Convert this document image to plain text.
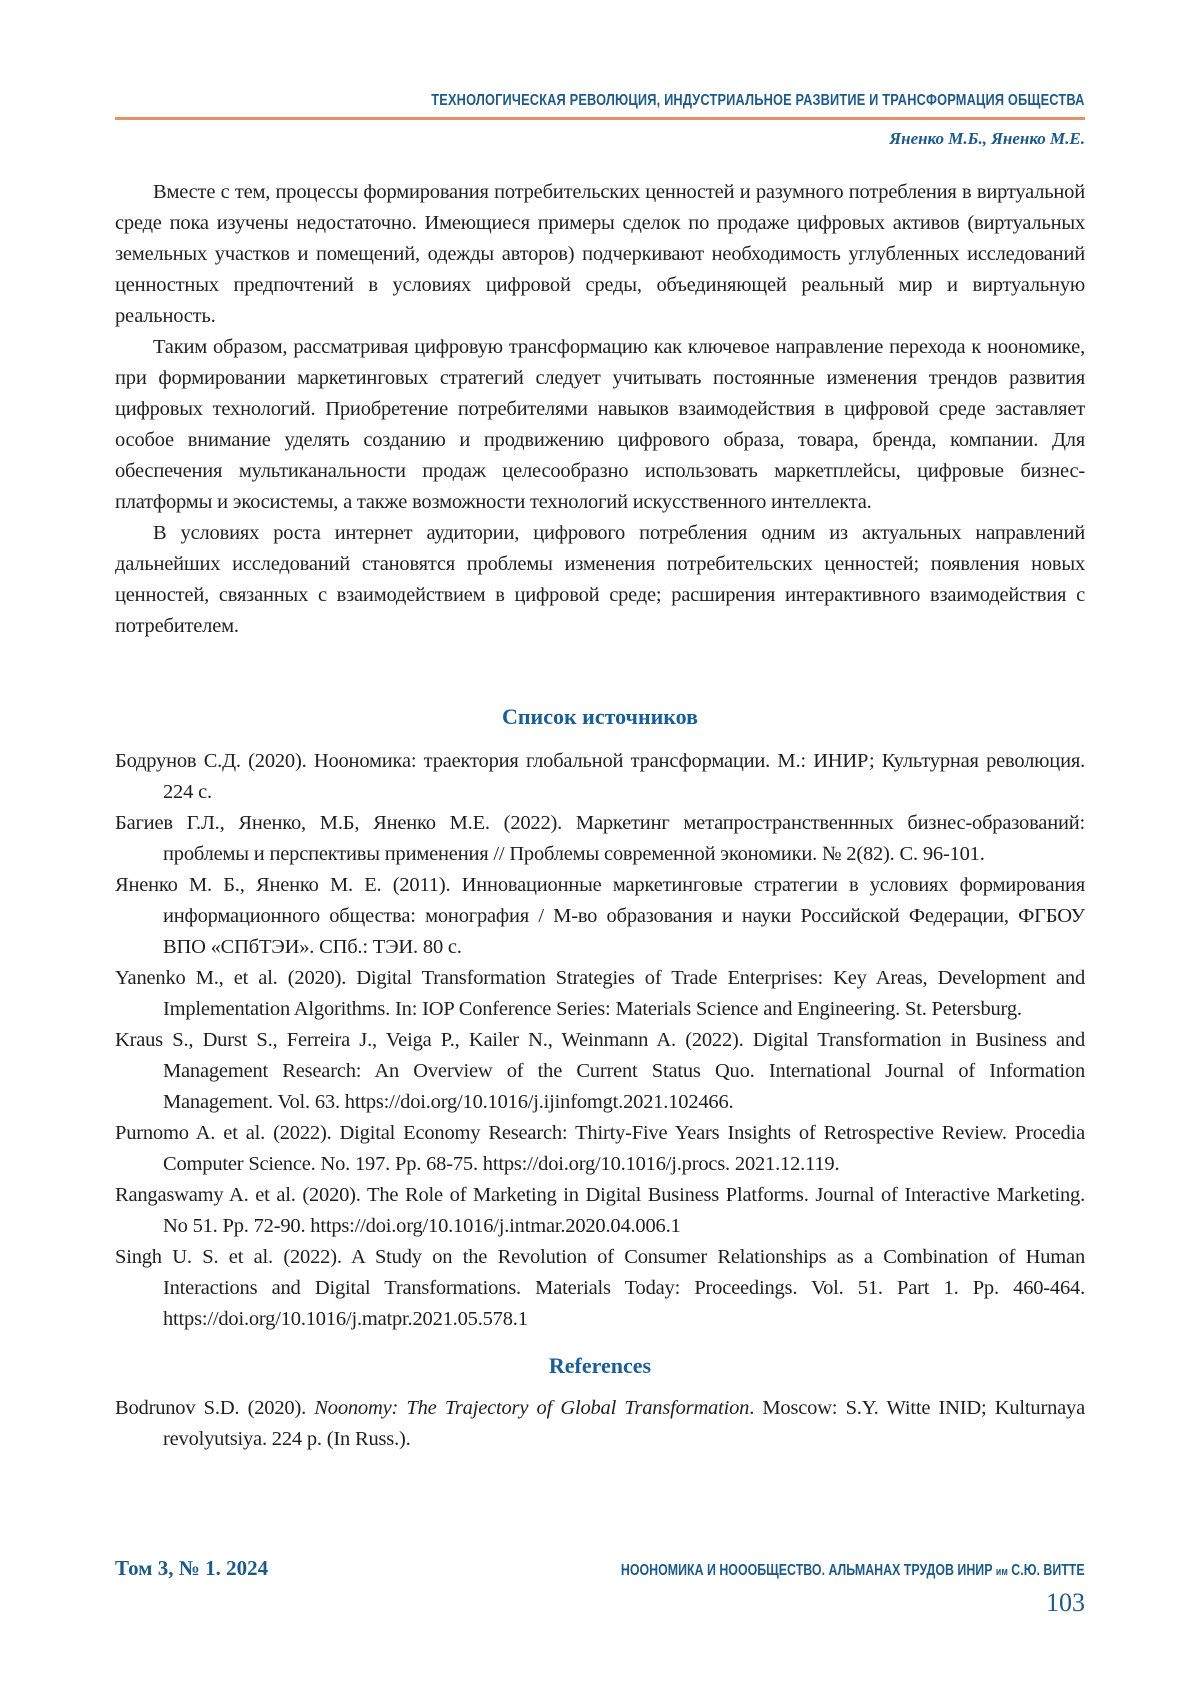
ТЕХНОЛОГИЧЕСКАЯ РЕВОЛЮЦИЯ, ИНДУСТРИАЛЬНОЕ РАЗВИТИЕ И ТРАНСФОРМАЦИЯ ОБЩЕСТВА
Яненко М.Б., Яненко М.Е.

Вместе с тем, процессы формирования потребительских ценностей и разумного потребления в виртуальной среде пока изучены недостаточно. Имеющиеся примеры сделок по продаже цифровых активов (виртуальных земельных участков и помещений, одежды авторов) подчеркивают необходимость углубленных исследований ценностных предпочтений в условиях цифровой среды, объединяющей реальный мир и виртуальную реальность.

Таким образом, рассматривая цифровую трансформацию как ключевое направление перехода к ноономике, при формировании маркетинговых стратегий следует учитывать постоянные изменения трендов развития цифровых технологий. Приобретение потребителями навыков взаимодействия в цифровой среде заставляет особое внимание уделять созданию и продвижению цифрового образа, товара, бренда, компании. Для обеспечения мультиканальности продаж целесообразно использовать маркетплейсы, цифровые бизнес-платформы и экосистемы, а также возможности технологий искусственного интеллекта.

В условиях роста интернет аудитории, цифрового потребления одним из актуальных направлений дальнейших исследований становятся проблемы изменения потребительских ценностей; появления новых ценностей, связанных с взаимодействием в цифровой среде; расширения интерактивного взаимодействия с потребителем.

Список источников

Бодрунов С.Д. (2020). Ноономика: траектория глобальной трансформации. М.: ИНИР; Культурная революция. 224 с.

Багиев Г.Л., Яненко, М.Б, Яненко М.Е. (2022). Маркетинг метапространственнных бизнес-образований: проблемы и перспективы применения // Проблемы современной экономики. № 2(82). С. 96-101.

Яненко М. Б., Яненко М. Е. (2011). Инновационные маркетинговые стратегии в условиях формирования информационного общества: монография / М-во образования и науки Российской Федерации, ФГБОУ ВПО «СПбТЭИ». СПб.: ТЭИ. 80 с.

Yanenko M., et al. (2020). Digital Transformation Strategies of Trade Enterprises: Key Areas, Development and Implementation Algorithms. In: IOP Conference Series: Materials Science and Engineering. St. Petersburg.

Kraus S., Durst S., Ferreira J., Veiga P., Kailer N., Weinmann A. (2022). Digital Transformation in Business and Management Research: An Overview of the Current Status Quo. International Journal of Information Management. Vol. 63. https://doi.org/10.1016/j.ijinfomgt.2021.102466.

Purnomo A. et al. (2022). Digital Economy Research: Thirty-Five Years Insights of Retrospective Review. Procedia Computer Science. No. 197. Pp. 68-75. https://doi.org/10.1016/j.procs. 2021.12.119.

Rangaswamy A. et al. (2020). The Role of Marketing in Digital Business Platforms. Journal of Interactive Marketing. No 51. Pp. 72-90. https://doi.org/10.1016/j.intmar.2020.04.006.1

Singh U. S. et al. (2022). A Study on the Revolution of Consumer Relationships as a Combination of Human Interactions and Digital Transformations. Materials Today: Proceedings. Vol. 51. Part 1. Pp. 460-464. https://doi.org/10.1016/j.matpr.2021.05.578.1

References

Bodrunov S.D. (2020). Noonomy: The Trajectory of Global Transformation. Moscow: S.Y. Witte INID; Kulturnaya revolyutsiya. 224 p. (In Russ.).

Том 3, № 1. 2024	НООНОМИКА И НОООБЩЕСТВО. АЛЬМАНАХ ТРУДОВ ИНИР им С.Ю. ВИТТЕ
103
